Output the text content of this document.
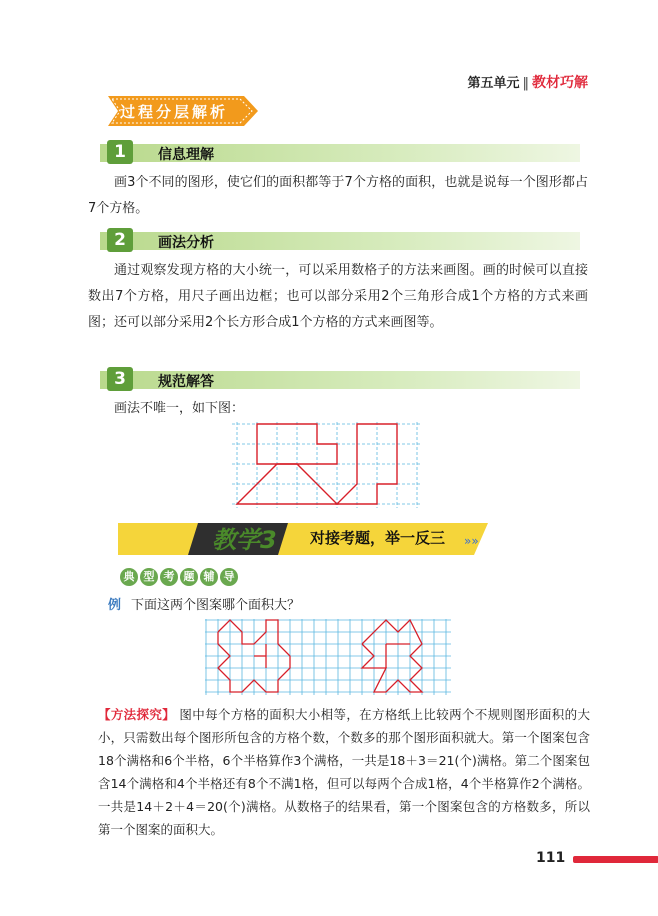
第五单元 ‖ 教材巧解
过程分层解析
1	信息理解

画3个不同的图形，使它们的面积都等于7个方格的面积，也就是说每一个图形都占7个方格。

2	画法分析

通过观察发现方格的大小统一，可以采用数格子的方法来画图。画的时候可以直接数出7个方格，用尺子画出边框；也可以部分采用2个三角形合成1个方格的方式来画图；还可以部分采用2个长方形合成1个方格的方式来画图等。

3	规范解答

画法不唯一，如下图：

»»
教学3 对接考题，举一反三
典 型 考 题 辅 导
例 下面这两个图案哪个面积大？
【方法探究】 图中每个方格的面积大小相等，在方格纸上比较两个不规则图形面积的大小，只需数出每个图形所包含的方格个数，个数多的那个图形面积就大。第一个图案包含18个满格和6个半格，6个半格算作3个满格，一共是18＋3＝21(个)满格。第二个图案包含14个满格和4个半格还有8个不满1格，但可以每两个合成1格，4个半格算作2个满格。一共是14＋2＋4＝20(个)满格。从数格子的结果看，第一个图案包含的方格数多，所以第一个图案的面积大。
111
